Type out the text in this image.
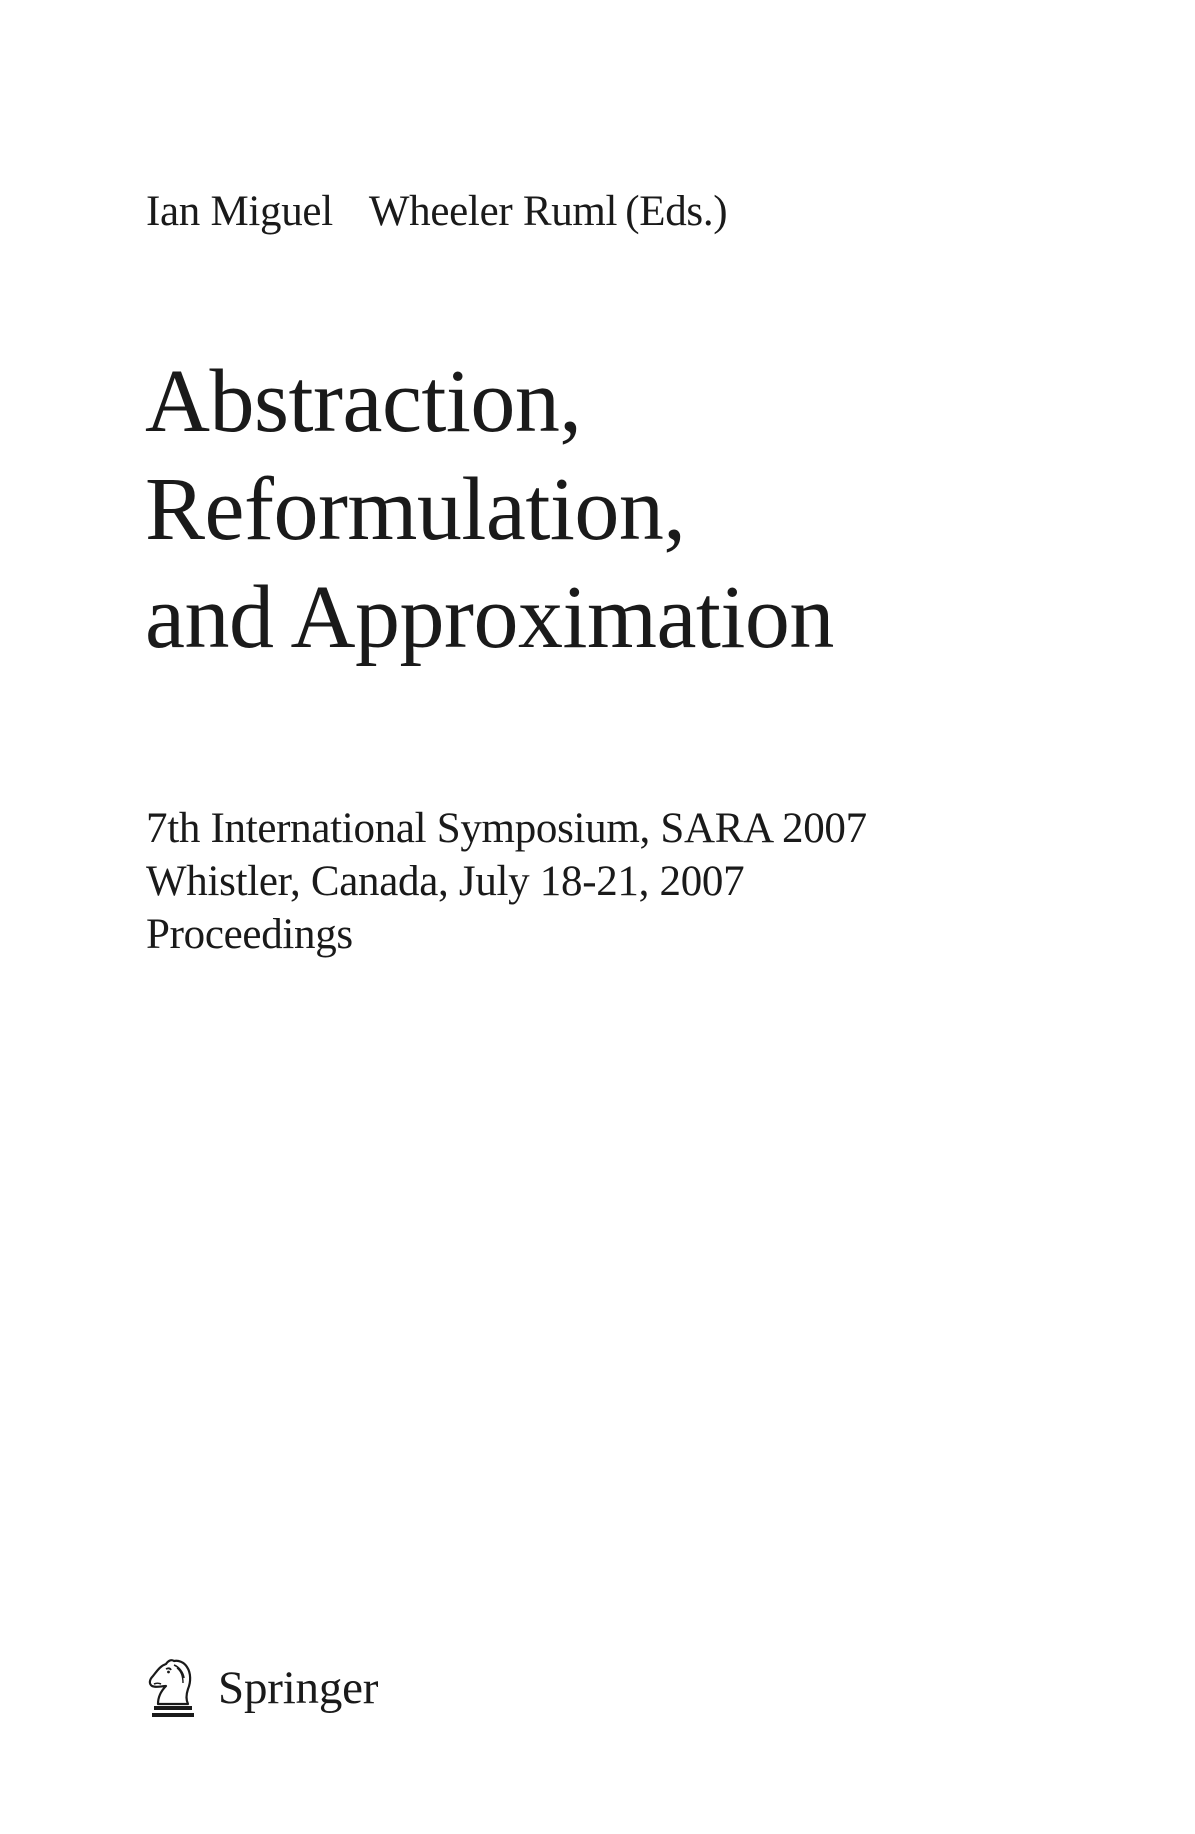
Ian Miguel Wheeler Ruml (Eds.)
Abstraction,
Reformulation,
and Approximation
7th International Symposium, SARA 2007
Whistler, Canada, July 18-21, 2007
Proceedings
Springer
